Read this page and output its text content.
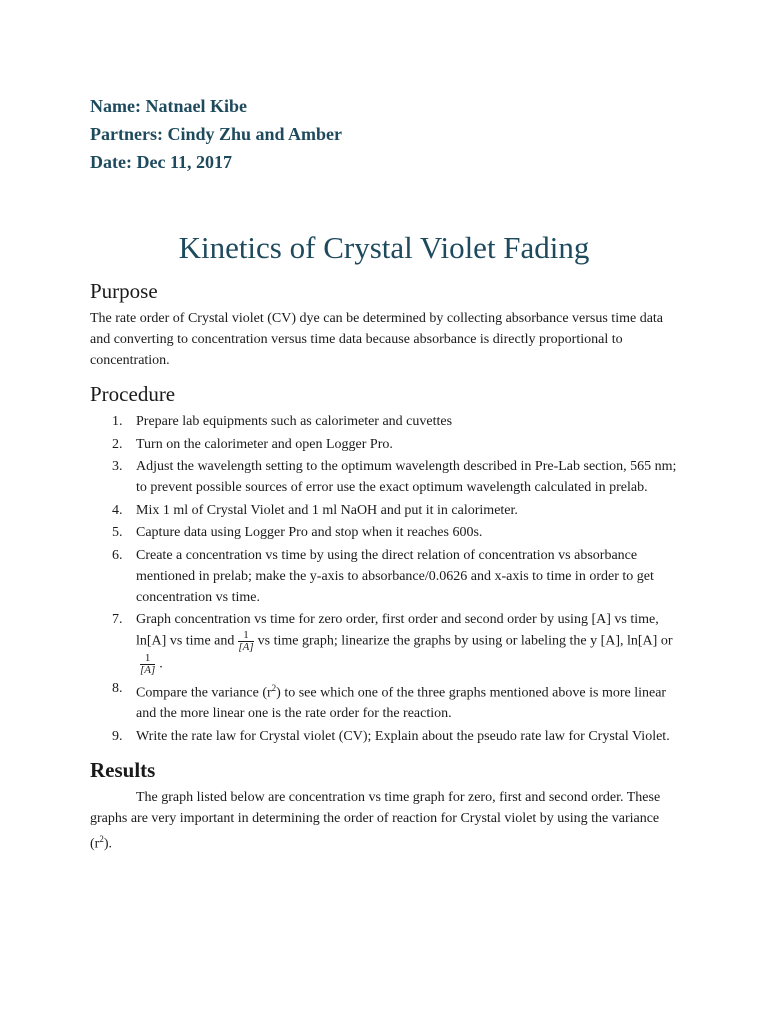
Name: Natnael Kibe
Partners: Cindy Zhu and Amber
Date: Dec 11, 2017
Kinetics of Crystal Violet Fading
Purpose

The rate order of Crystal violet (CV) dye can be determined by collecting absorbance versus time data and converting to concentration versus time data because absorbance is directly proportional to concentration.

Procedure
1. Prepare lab equipments such as calorimeter and cuvettes
2. Turn on the calorimeter and open Logger Pro.
3. Adjust the wavelength setting to the optimum wavelength described in Pre-Lab section, 565 nm; to prevent possible sources of error use the exact optimum wavelength calculated in prelab.
4. Mix 1 ml of Crystal Violet and 1 ml NaOH and put it in calorimeter.
5. Capture data using Logger Pro and stop when it reaches 600s.
6. Create a concentration vs time by using the direct relation of concentration vs absorbance mentioned in prelab; make the y-axis to absorbance/0.0626 and x-axis to time in order to get concentration vs time.
7. Graph concentration vs time for zero order, first order and second order by using [A] vs time, ln[A] vs time and $\frac{1}{[A]}$ vs time graph; linearize the graphs by using or labeling the y [A], ln[A] or
$\frac{1}{[A]}$ .
8. Compare the variance $(r^2)$ to see which one of the three graphs mentioned above is more linear and the more linear one is the rate order for the reaction.
9. Write the rate law for Crystal violet (CV); Explain about the pseudo rate law for Crystal Violet.
Results

The graph listed below are concentration vs time graph for zero, first and second order. These graphs are very important in determining the order of reaction for Crystal violet by using the variance $(r^2)$.
